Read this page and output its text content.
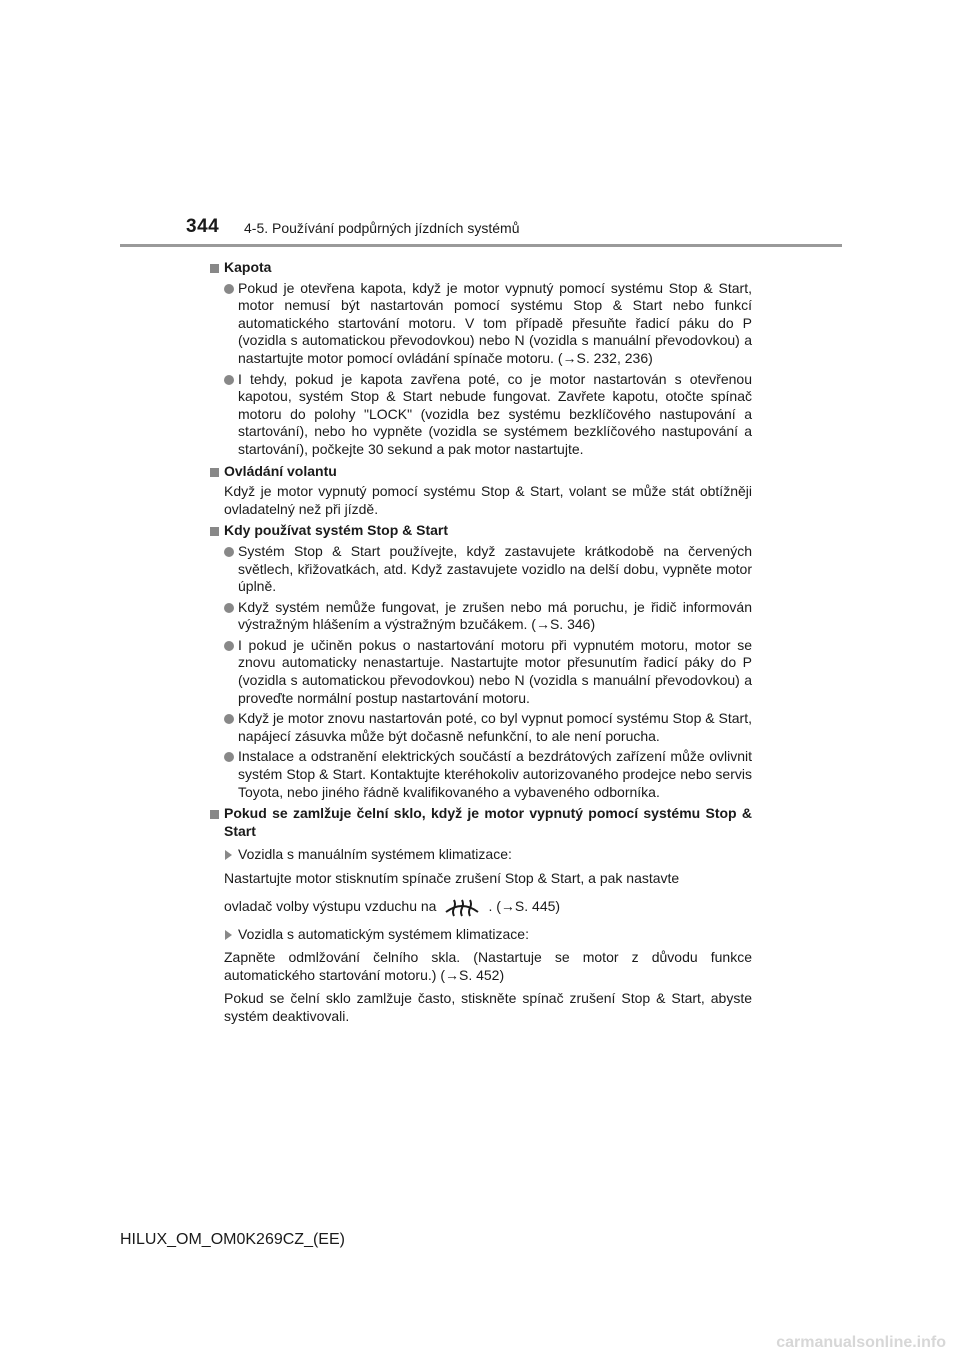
344 4-5. Používání podpůrných jízdních systémů
Kapota
Pokud je otevřena kapota, když je motor vypnutý pomocí systému Stop & Start, motor nemusí být nastartován pomocí systému Stop & Start nebo funkcí automatického startování motoru. V tom případě přesuňte řadicí páku do P (vozidla s automatickou převodovkou) nebo N (vozidla s manuální převodovkou) a nastartujte motor pomocí ovládání spínače motoru. (→S. 232, 236)
I tehdy, pokud je kapota zavřena poté, co je motor nastartován s otevřenou kapotou, systém Stop & Start nebude fungovat. Zavřete kapotu, otočte spínač motoru do polohy "LOCK" (vozidla bez systému bezklíčového nastupování a startování), nebo ho vypněte (vozidla se systémem bezklíčového nastupování a startování), počkejte 30 sekund a pak motor nastartujte.
Ovládání volantu
Když je motor vypnutý pomocí systému Stop & Start, volant se může stát obtížněji ovladatelný než při jízdě.
Kdy používat systém Stop & Start
Systém Stop & Start používejte, když zastavujete krátkodobě na červených světlech, křižovatkách, atd. Když zastavujete vozidlo na delší dobu, vypněte motor úplně.
Když systém nemůže fungovat, je zrušen nebo má poruchu, je řidič informován výstražným hlášením a výstražným bzučákem. (→S. 346)
I pokud je učiněn pokus o nastartování motoru při vypnutém motoru, motor se znovu automaticky nenastartuje. Nastartujte motor přesunutím řadicí páky do P (vozidla s automatickou převodovkou) nebo N (vozidla s manuální převodovkou) a proveďte normální postup nastartování motoru.
Když je motor znovu nastartován poté, co byl vypnut pomocí systému Stop & Start, napájecí zásuvka může být dočasně nefunkční, to ale není porucha.
Instalace a odstranění elektrických součástí a bezdrátových zařízení může ovlivnit systém Stop & Start. Kontaktujte kteréhokoliv autorizovaného prodejce nebo servis Toyota, nebo jiného řádně kvalifikovaného a vybaveného odborníka.
Pokud se zamlžuje čelní sklo, když je motor vypnutý pomocí systému Stop & Start
Vozidla s manuálním systémem klimatizace:
Nastartujte motor stisknutím spínače zrušení Stop & Start, a pak nastavte
ovladač volby výstupu vzduchu na	. (→S. 445)
Vozidla s automatickým systémem klimatizace:
Zapněte odmlžování čelního skla. (Nastartuje se motor z důvodu funkce automatického startování motoru.) (→S. 452)
Pokud se čelní sklo zamlžuje často, stiskněte spínač zrušení Stop & Start, abyste systém deaktivovali.
HILUX_OM_OM0K269CZ_(EE)
carmanualsonline.info
